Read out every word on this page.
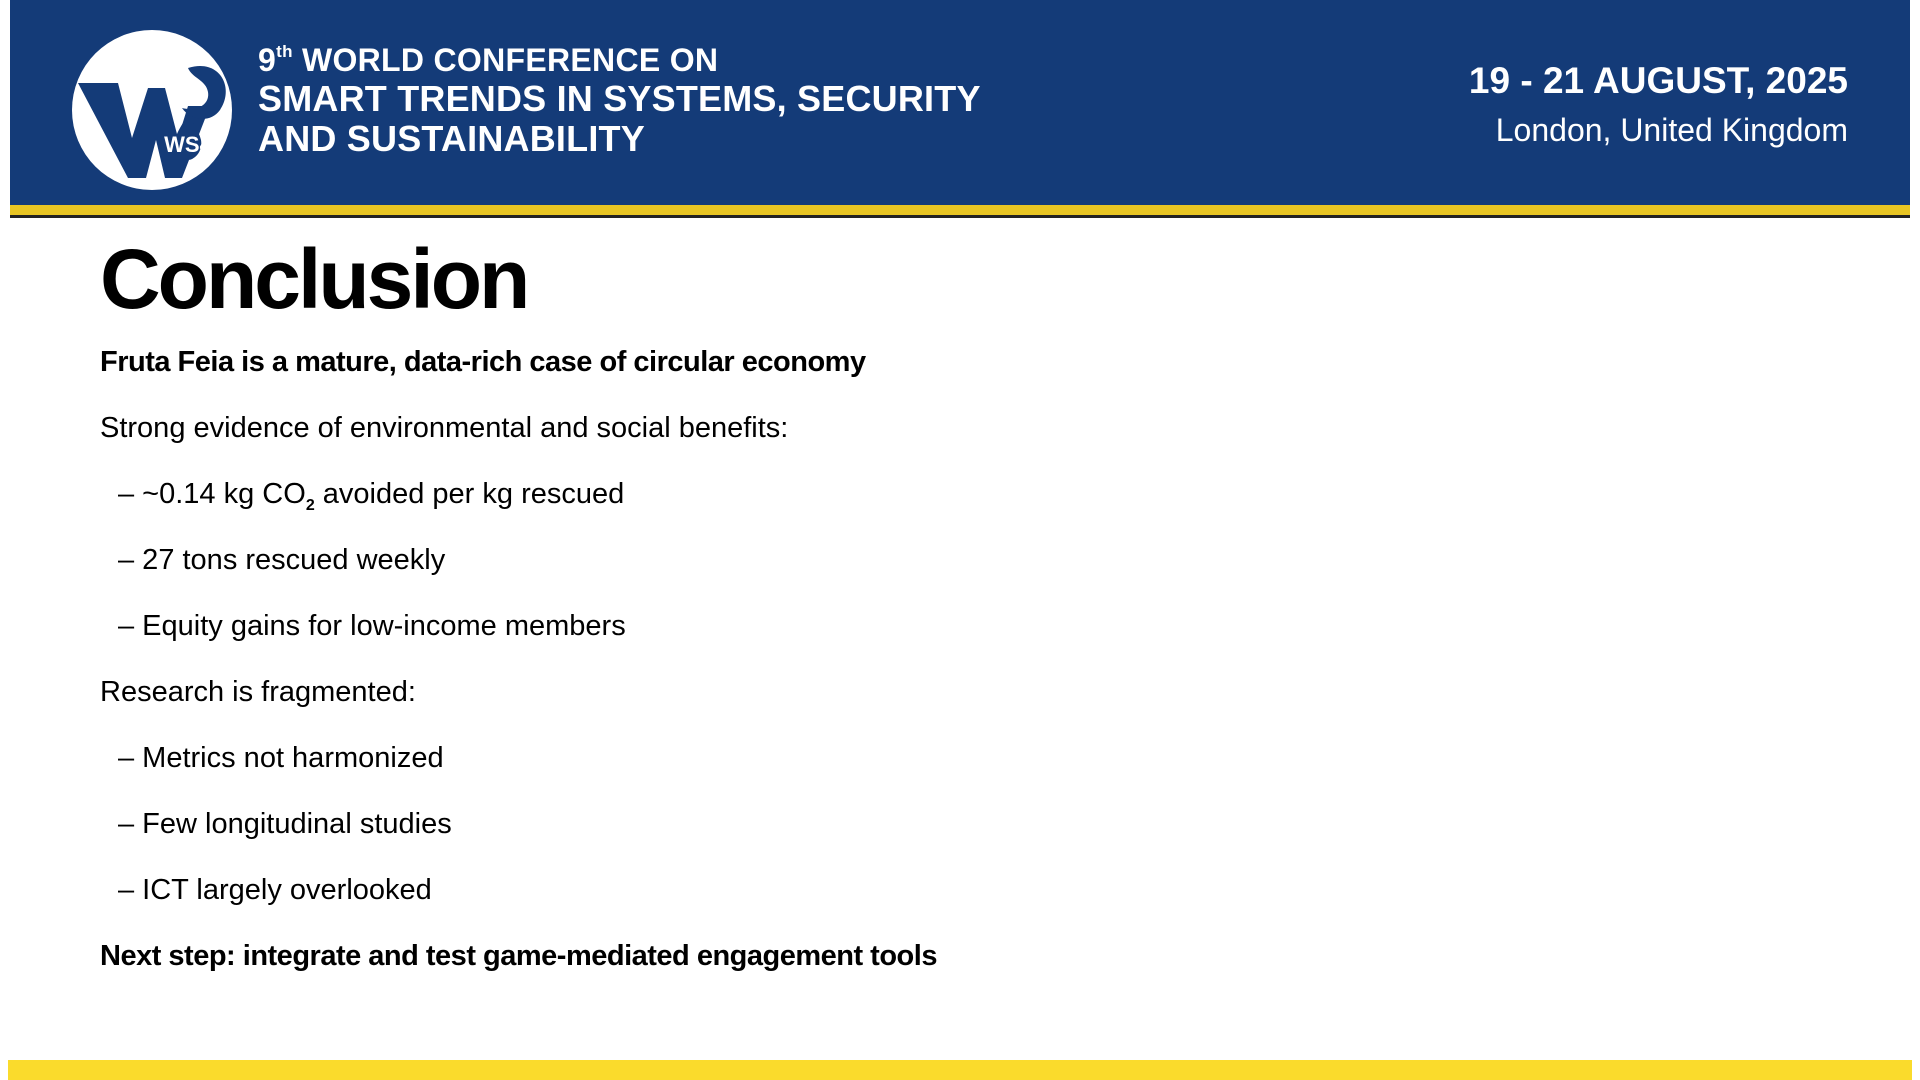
WS4
9th WORLD CONFERENCE ON
SMART TRENDS IN SYSTEMS, SECURITY
AND SUSTAINABILITY
19 - 21 AUGUST, 2025
London, United Kingdom
Conclusion
Fruta Feia is a mature, data-rich case of circular economy
Strong evidence of environmental and social benefits:
– ~0.14 kg $CO_2$ avoided per kg rescued
– 27 tons rescued weekly
– Equity gains for low-income members
Research is fragmented:
– Metrics not harmonized
– Few longitudinal studies
– ICT largely overlooked
Next step: integrate and test game-mediated engagement tools
